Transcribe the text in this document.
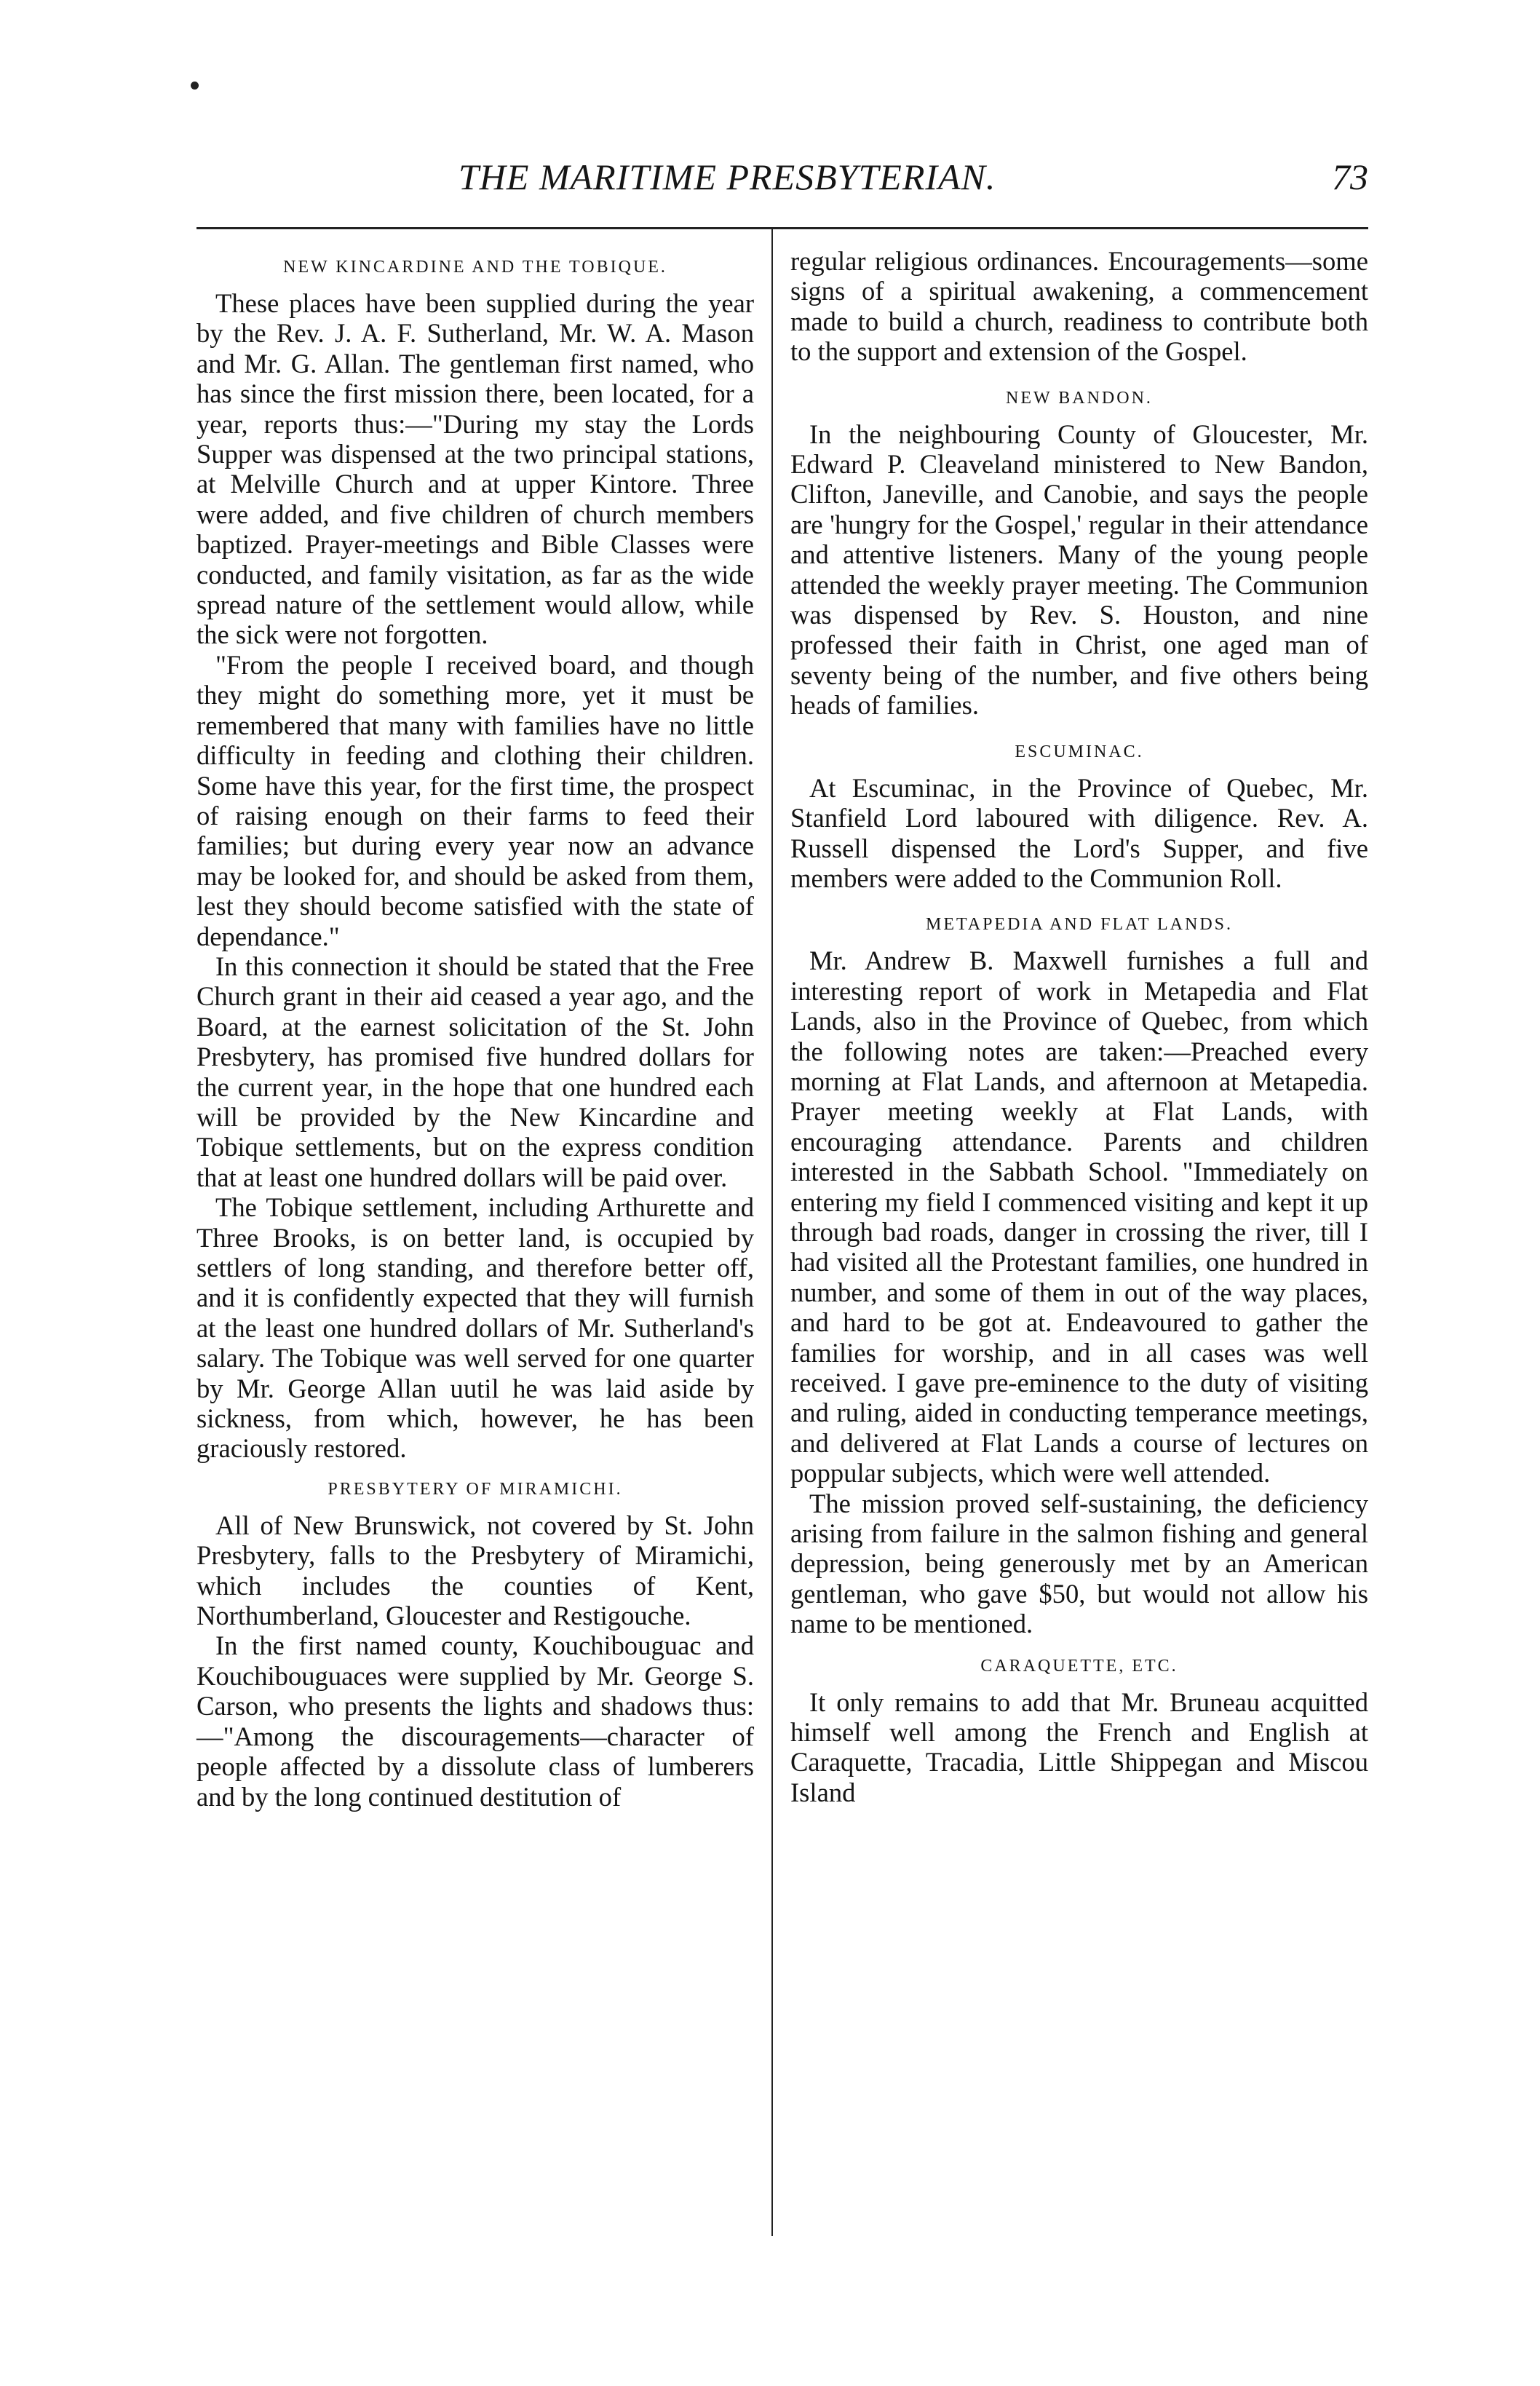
THE MARITIME PRESBYTERIAN.	73
NEW KINCARDINE AND THE TOBIQUE.

These places have been supplied during the year by the Rev. J. A. F. Sutherland, Mr. W. A. Mason and Mr. G. Allan. The gentleman first named, who has since the first mission there, been located, for a year, reports thus:—"During my stay the Lords Supper was dispensed at the two principal stations, at Melville Church and at upper Kintore. Three were added, and five children of church members baptized. Prayer-meetings and Bible Classes were conducted, and family visitation, as far as the wide spread nature of the settlement would allow, while the sick were not forgotten.

"From the people I received board, and though they might do something more, yet it must be remembered that many with families have no little difficulty in feeding and clothing their children. Some have this year, for the first time, the prospect of raising enough on their farms to feed their families; but during every year now an advance may be looked for, and should be asked from them, lest they should become satisfied with the state of dependance."

In this connection it should be stated that the Free Church grant in their aid ceased a year ago, and the Board, at the earnest solicitation of the St. John Presbytery, has promised five hundred dollars for the current year, in the hope that one hundred each will be provided by the New Kincardine and Tobique settlements, but on the express condition that at least one hundred dollars will be paid over.

The Tobique settlement, including Arthurette and Three Brooks, is on better land, is occupied by settlers of long standing, and therefore better off, and it is confidently expected that they will furnish at the least one hundred dollars of Mr. Sutherland's salary. The Tobique was well served for one quarter by Mr. George Allan uutil he was laid aside by sickness, from which, however, he has been graciously restored.

PRESBYTERY OF MIRAMICHI.

All of New Brunswick, not covered by St. John Presbytery, falls to the Presbytery of Miramichi, which includes the counties of Kent, Northumberland, Gloucester and Restigouche.

In the first named county, Kouchibouguac and Kouchibouguaces were supplied by Mr. George S. Carson, who presents the lights and shadows thus:—"Among the discouragements—character of people affected by a dissolute class of lumberers and by the long continued destitution of

regular religious ordinances. Encouragements—some signs of a spiritual awakening, a commencement made to build a church, readiness to contribute both to the support and extension of the Gospel.

NEW BANDON.

In the neighbouring County of Gloucester, Mr. Edward P. Cleaveland ministered to New Bandon, Clifton, Janeville, and Canobie, and says the people are 'hungry for the Gospel,' regular in their attendance and attentive listeners. Many of the young people attended the weekly prayer meeting. The Communion was dispensed by Rev. S. Houston, and nine professed their faith in Christ, one aged man of seventy being of the number, and five others being heads of families.

ESCUMINAC.

At Escuminac, in the Province of Quebec, Mr. Stanfield Lord laboured with diligence. Rev. A. Russell dispensed the Lord's Supper, and five members were added to the Communion Roll.

METAPEDIA AND FLAT LANDS.

Mr. Andrew B. Maxwell furnishes a full and interesting report of work in Metapedia and Flat Lands, also in the Province of Quebec, from which the following notes are taken:—Preached every morning at Flat Lands, and afternoon at Metapedia. Prayer meeting weekly at Flat Lands, with encouraging attendance. Parents and children interested in the Sabbath School. "Immediately on entering my field I commenced visiting and kept it up through bad roads, danger in crossing the river, till I had visited all the Protestant families, one hundred in number, and some of them in out of the way places, and hard to be got at. Endeavoured to gather the families for worship, and in all cases was well received. I gave pre-eminence to the duty of visiting and ruling, aided in conducting temperance meetings, and delivered at Flat Lands a course of lectures on poppular subjects, which were well attended.

The mission proved self-sustaining, the deficiency arising from failure in the salmon fishing and general depression, being generously met by an American gentleman, who gave $50, but would not allow his name to be mentioned.

CARAQUETTE, ETC.

It only remains to add that Mr. Bruneau acquitted himself well among the French and English at Caraquette, Tracadia, Little Shippegan and Miscou Island
